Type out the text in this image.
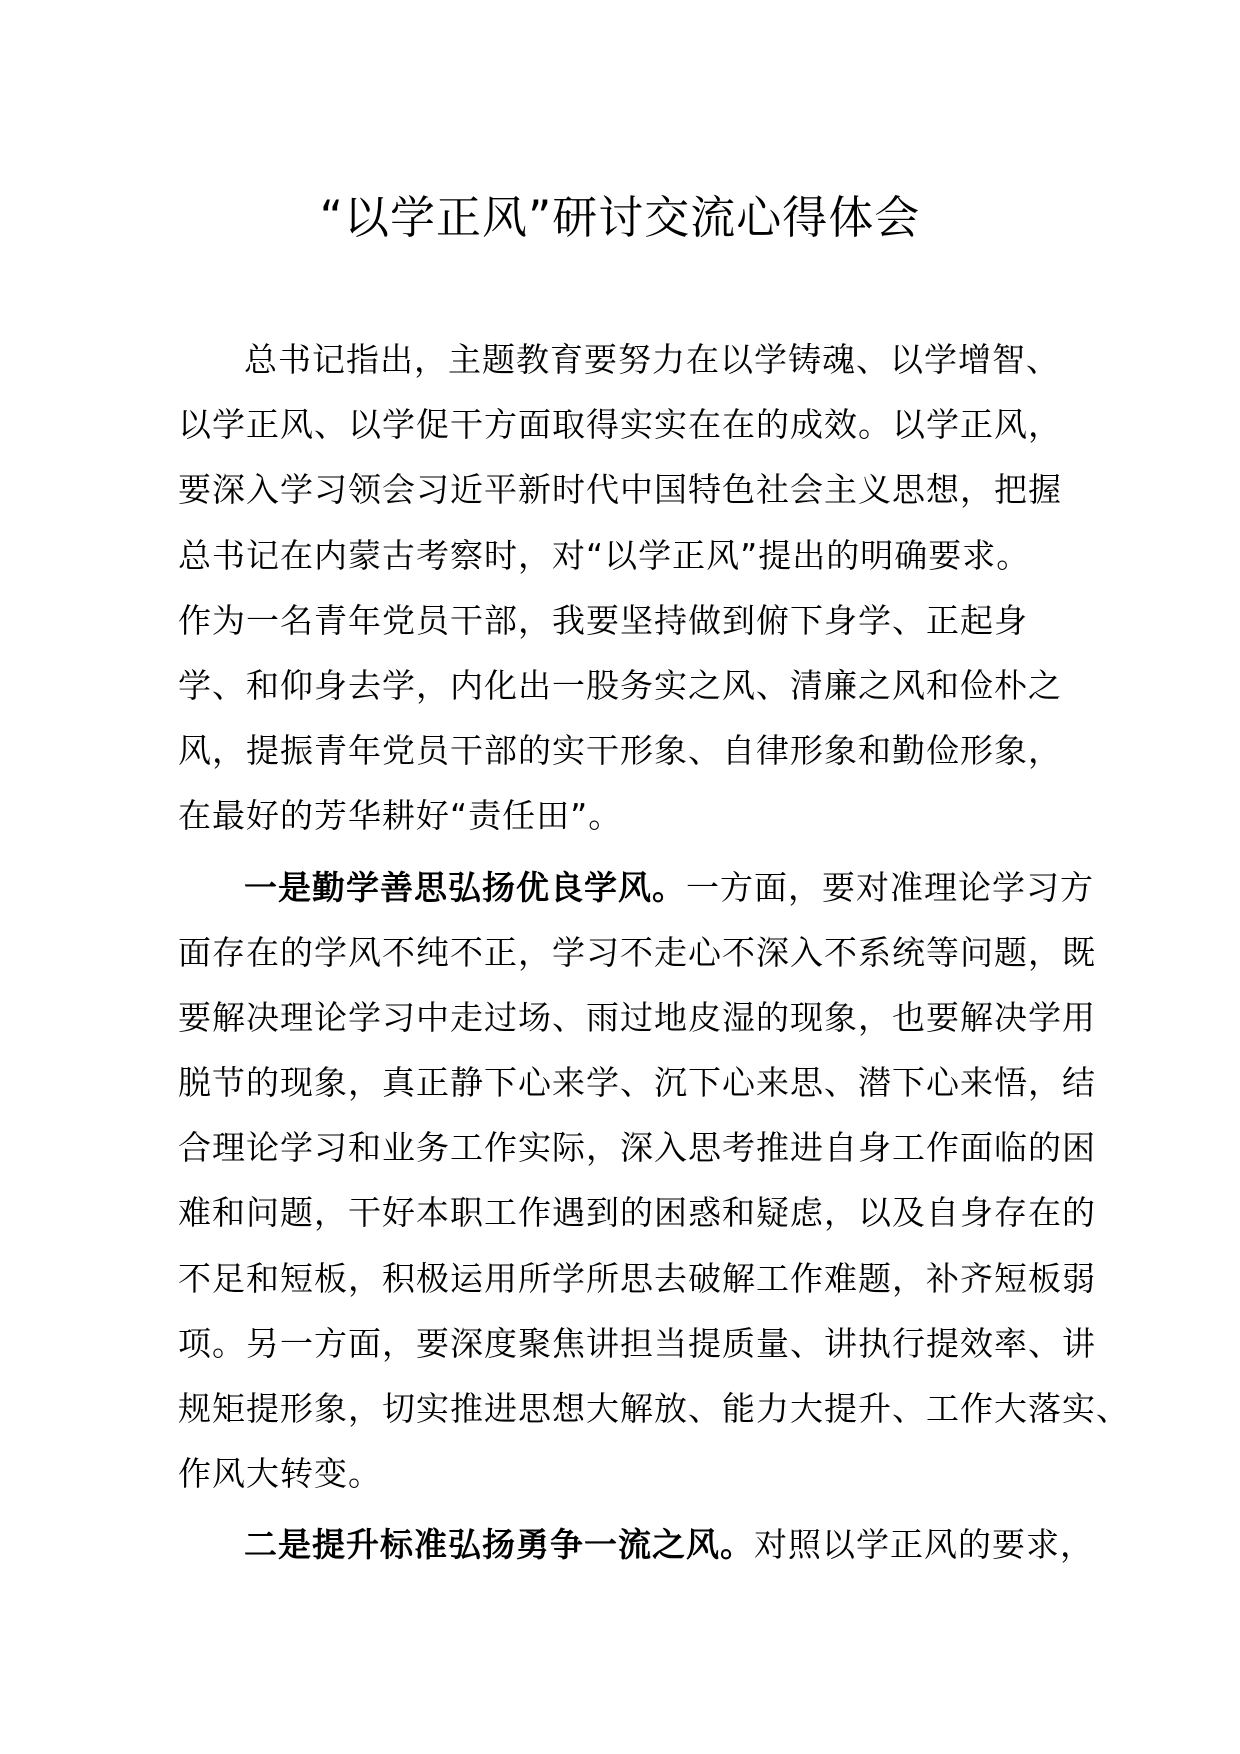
“以学正风”研讨交流心得体会
总书记指出，主题教育要努力在以学铸魂、以学增智、
以学正风、以学促干方面取得实实在在的成效。以学正风，
要深入学习领会习近平新时代中国特色社会主义思想，把握
总书记在内蒙古考察时，对“以学正风”提出的明确要求。
作为一名青年党员干部，我要坚持做到俯下身学、正起身
学、和仰身去学，内化出一股务实之风、清廉之风和俭朴之
风，提振青年党员干部的实干形象、自律形象和勤俭形象，
在最好的芳华耕好“责任田”。
一是勤学善思弘扬优良学风。一方面，要对准理论学习方
面存在的学风不纯不正，学习不走心不深入不系统等问题，既
要解决理论学习中走过场、雨过地皮湿的现象，也要解决学用
脱节的现象，真正静下心来学、沉下心来思、潜下心来悟，结
合理论学习和业务工作实际，深入思考推进自身工作面临的困
难和问题，干好本职工作遇到的困惑和疑虑，以及自身存在的
不足和短板，积极运用所学所思去破解工作难题，补齐短板弱
项。另一方面，要深度聚焦讲担当提质量、讲执行提效率、讲
规矩提形象，切实推进思想大解放、能力大提升、工作大落实、
作风大转变。
二是提升标准弘扬勇争一流之风。对照以学正风的要求，
